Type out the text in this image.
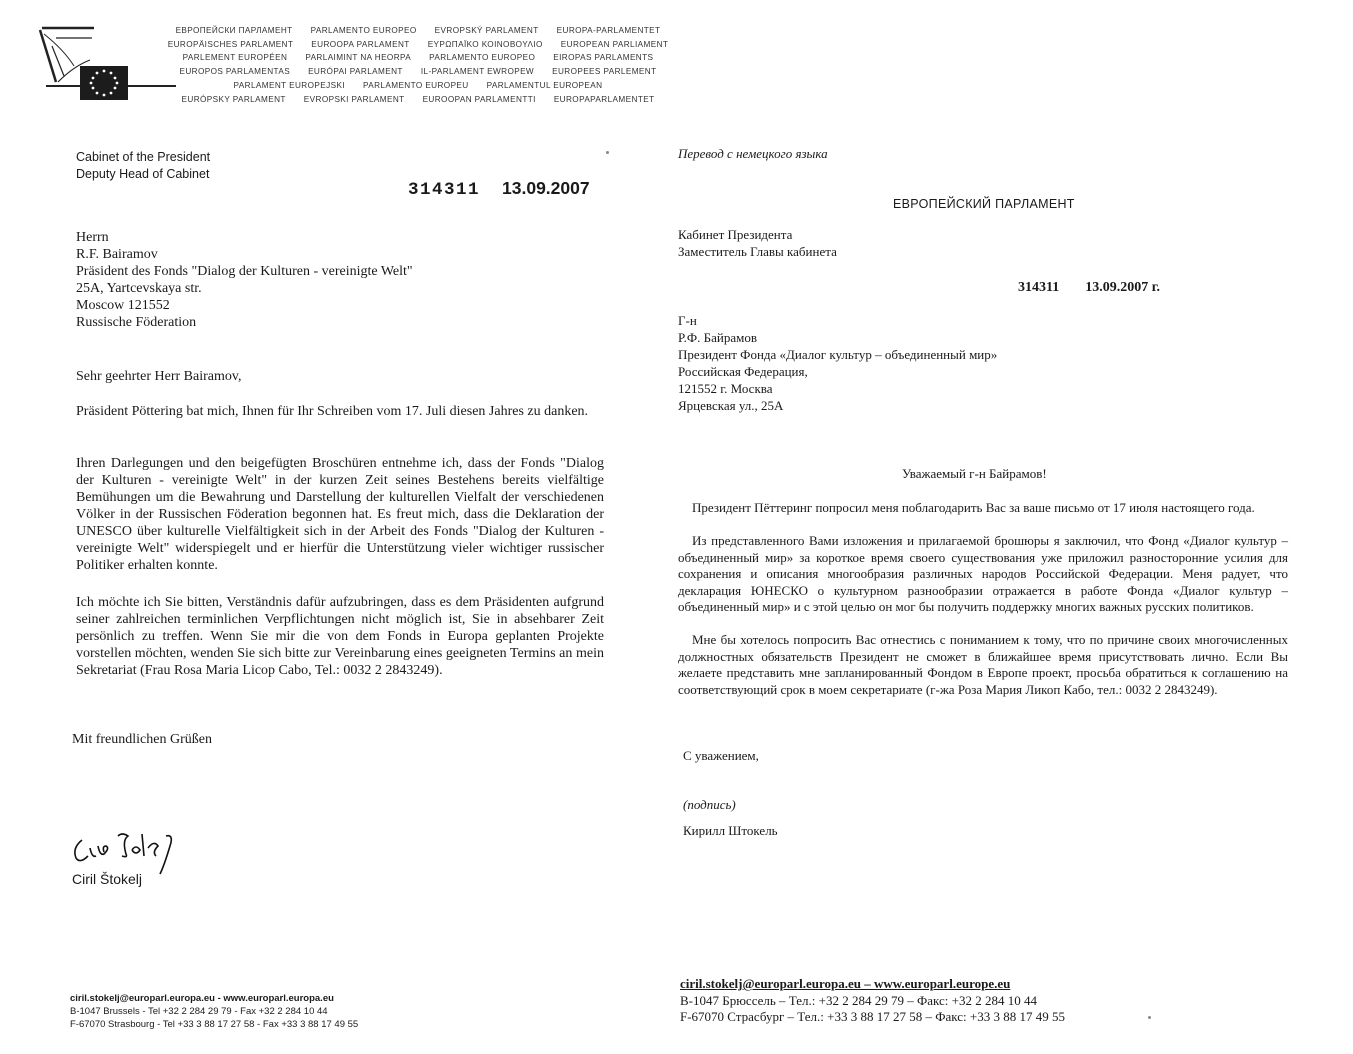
ЕВРОПЕЙСКИ ПАРЛАМЕНТ PARLAMENTO EUROPEO EVROPSKÝ PARLAMENT EUROPA-PARLAMENTET
EUROPÄISCHES PARLAMENT EUROOPA PARLAMENT ΕΥΡΩΠΑΪΚΟ ΚΟΙΝΟΒΟΥΛΙΟ EUROPEAN PARLIAMENT
PARLEMENT EUROPÉEN PARLAIMINT NA HEORPA PARLAMENTO EUROPEO EIROPAS PARLAMENTS
EUROPOS PARLAMENTAS EURÓPAI PARLAMENT IL-PARLAMENT EWROPEW EUROPEES PARLEMENT
PARLAMENT EUROPEJSKI PARLAMENTO EUROPEU PARLAMENTUL EUROPEAN
EURÓPSKY PARLAMENT EVROPSKI PARLAMENT EUROOPAN PARLAMENTTI EUROPAPARLAMENTET
Cabinet of the President
Deputy Head of Cabinet
314311 13.09.2007
Herrn
R.F. Bairamov
Präsident des Fonds "Dialog der Kulturen - vereinigte Welt"
25A, Yartcevskaya str.
Moscow 121552
Russische Föderation
Sehr geehrter Herr Bairamov,
Präsident Pöttering bat mich, Ihnen für Ihr Schreiben vom 17. Juli diesen Jahres zu danken.
Ihren Darlegungen und den beigefügten Broschüren entnehme ich, dass der Fonds "Dialog der Kulturen - vereinigte Welt" in der kurzen Zeit seines Bestehens bereits vielfältige Bemühungen um die Bewahrung und Darstellung der kulturellen Vielfalt der verschiedenen Völker in der Russischen Föderation begonnen hat. Es freut mich, dass die Deklaration der UNESCO über kulturelle Vielfältigkeit sich in der Arbeit des Fonds "Dialog der Kulturen - vereinigte Welt" widerspiegelt und er hierfür die Unterstützung vieler wichtiger russischer Politiker erhalten konnte.
Ich möchte ich Sie bitten, Verständnis dafür aufzubringen, dass es dem Präsidenten aufgrund seiner zahlreichen terminlichen Verpflichtungen nicht möglich ist, Sie in absehbarer Zeit persönlich zu treffen. Wenn Sie mir die von dem Fonds in Europa geplanten Projekte vorstellen möchten, wenden Sie sich bitte zur Vereinbarung eines geeigneten Termins an mein Sekretariat (Frau Rosa Maria Licop Cabo, Tel.: 0032 2 2843249).
Mit freundlichen Grüßen
Ciril Štokelj
ciril.stokelj@europarl.europa.eu - www.europarl.europa.eu
B-1047 Brussels - Tel +32 2 284 29 79 - Fax +32 2 284 10 44
F-67070 Strasbourg - Tel +33 3 88 17 27 58 - Fax +33 3 88 17 49 55
Перевод с немецкого языка
ЕВРОПЕЙСКИЙ ПАРЛАМЕНТ
Кабинет Президента
Заместитель Главы кабинета
314311 13.09.2007 г.
Г-н
Р.Ф. Байрамов
Президент Фонда «Диалог культур – объединенный мир»
Российская Федерация,
121552 г. Москва
Ярцевская ул., 25А
Уважаемый г-н Байрамов!
Президент Пёттеринг попросил меня поблагодарить Вас за ваше письмо от 17 июля настоящего года.
Из представленного Вами изложения и прилагаемой брошюры я заключил, что Фонд «Диалог культур – объединенный мир» за короткое время своего существования уже приложил разносторонние усилия для сохранения и описания многообразия различных народов Российской Федерации. Меня радует, что декларация ЮНЕСКО о культурном разнообразии отражается в работе Фонда «Диалог культур – объединенный мир» и с этой целью он мог бы получить поддержку многих важных русских политиков.
Мне бы хотелось попросить Вас отнестись с пониманием к тому, что по причине своих многочисленных должностных обязательств Президент не сможет в ближайшее время присутствовать лично. Если Вы желаете представить мне запланированный Фондом в Европе проект, просьба обратиться к соглашению на соответствующий срок в моем секретариате (г-жа Роза Мария Ликоп Кабо, тел.: 0032 2 2843249).
С уважением,
(подпись)
Кирилл Штокель
ciril.stokelj@europarl.europa.eu – www.europarl.europe.eu
B-1047 Брюссель – Тел.: +32 2 284 29 79 – Факс: +32 2 284 10 44
F-67070 Страсбург – Тел.: +33 3 88 17 27 58 – Факс: +33 3 88 17 49 55
